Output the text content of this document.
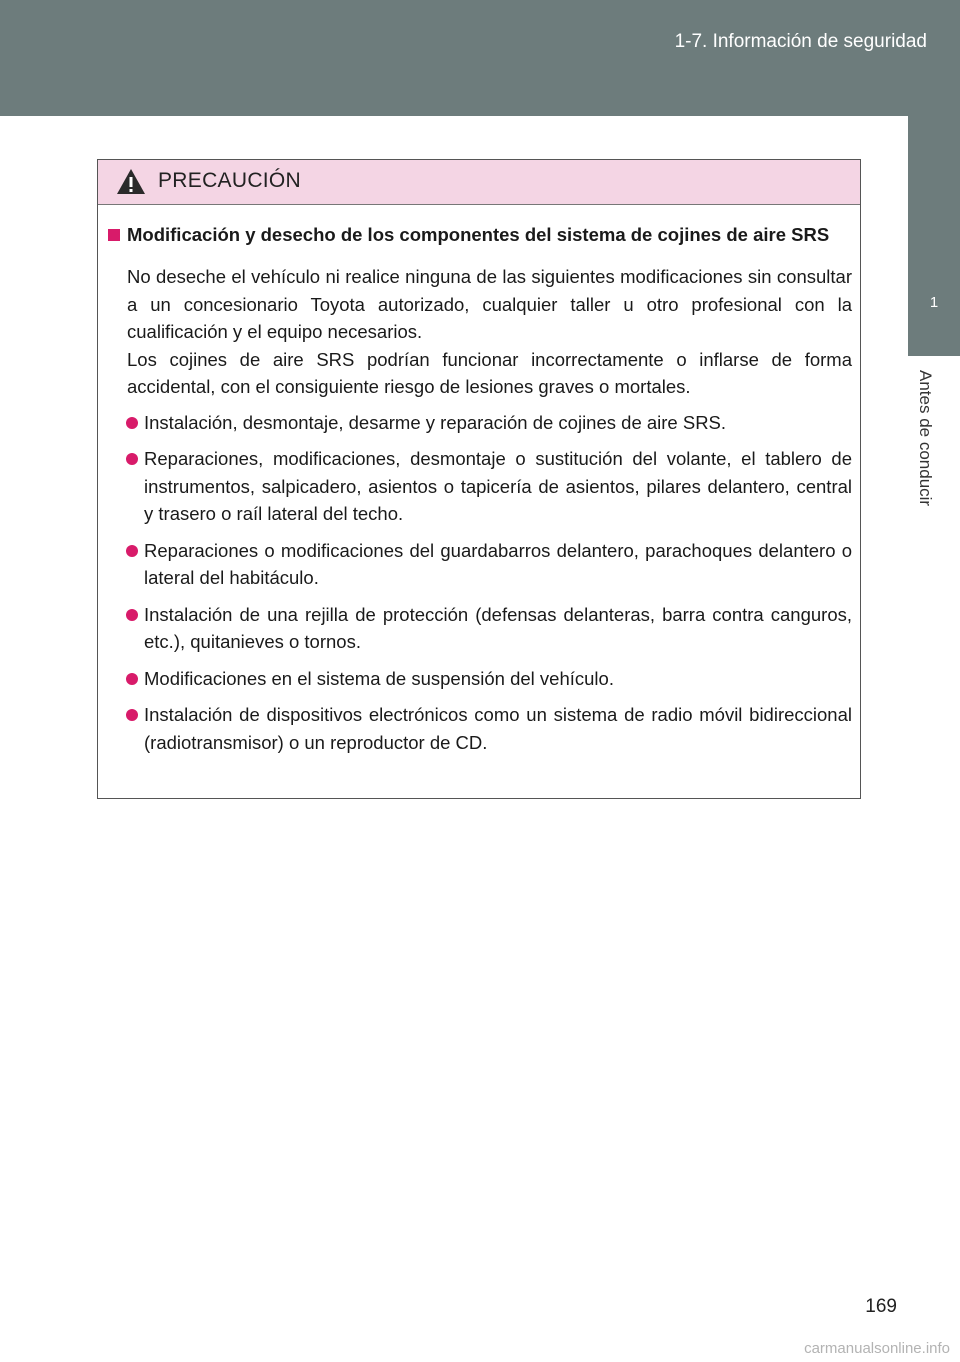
1-7. Información de seguridad
1
Antes de conducir
PRECAUCIÓN
Modificación y desecho de los componentes del sistema de cojines de aire SRS

No deseche el vehículo ni realice ninguna de las siguientes modificaciones sin consultar a un concesionario Toyota autorizado, cualquier taller u otro profesional con la cualificación y el equipo necesarios.

Los cojines de aire SRS podrían funcionar incorrectamente o inflarse de forma accidental, con el consiguiente riesgo de lesiones graves o mortales.

Instalación, desmontaje, desarme y reparación de cojines de aire SRS.
Reparaciones, modificaciones, desmontaje o sustitución del volante, el tablero de instrumentos, salpicadero, asientos o tapicería de asientos, pilares delantero, central y trasero o raíl lateral del techo.
Reparaciones o modificaciones del guardabarros delantero, parachoques delantero o lateral del habitáculo.
Instalación de una rejilla de protección (defensas delanteras, barra contra canguros, etc.), quitanieves o tornos.
Modificaciones en el sistema de suspensión del vehículo.
Instalación de dispositivos electrónicos como un sistema de radio móvil bidireccional (radiotransmisor) o un reproductor de CD.
169
carmanualsonline.info
